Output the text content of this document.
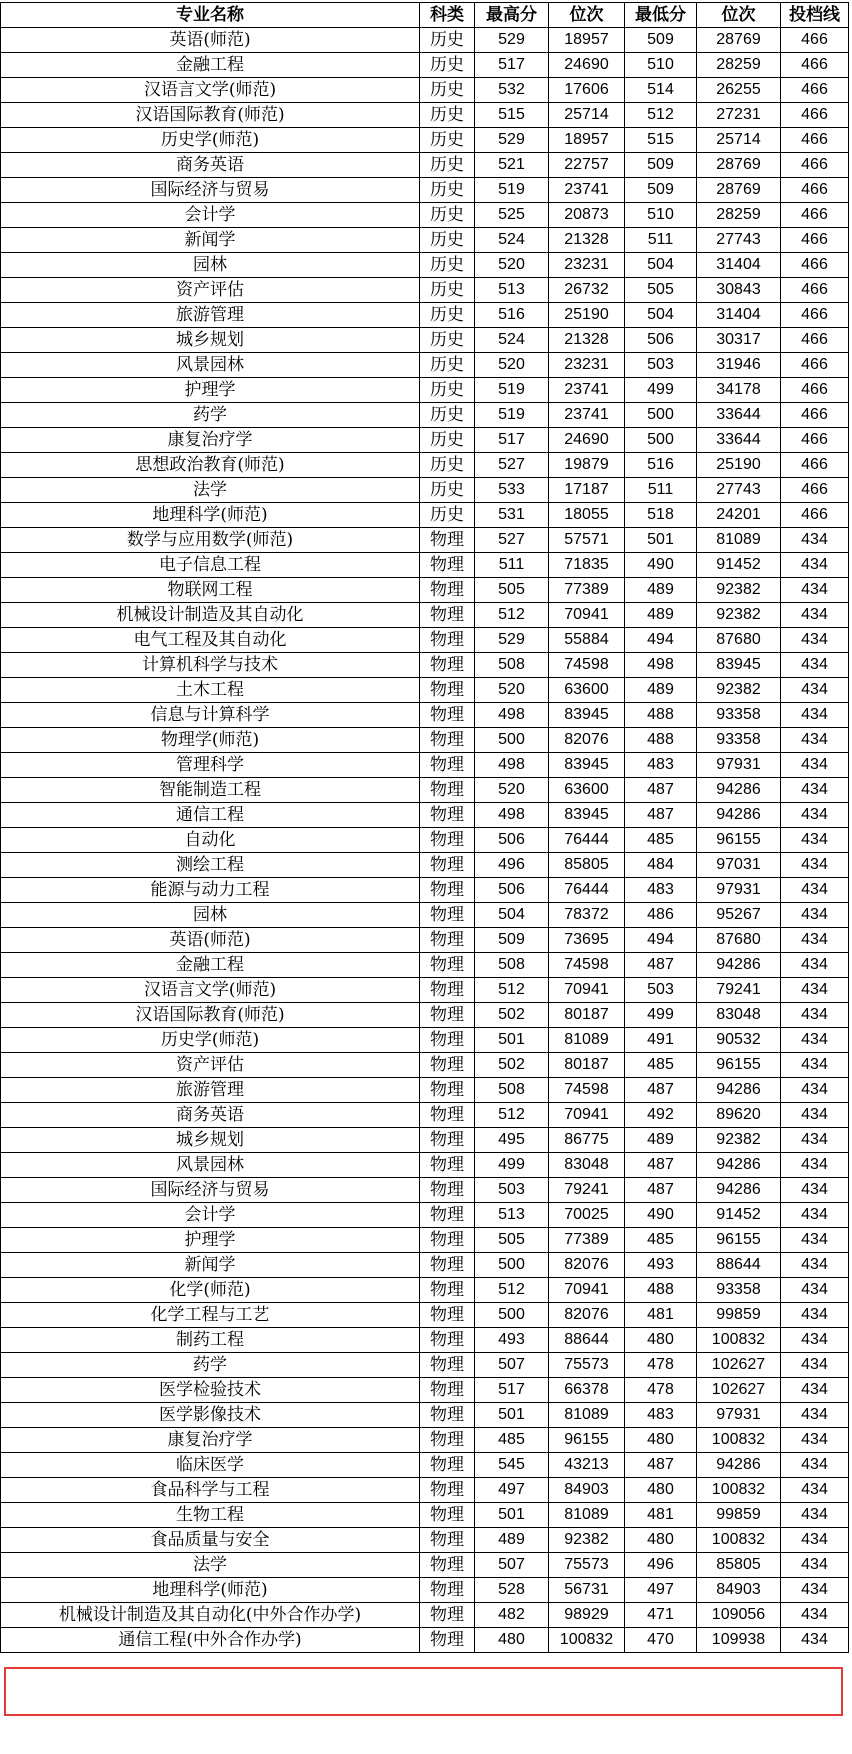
专业名称	科类	最高分	位次	最低分	位次	投档线
英语(师范)	历史	529	18957	509	28769	466
金融工程	历史	517	24690	510	28259	466
汉语言文学(师范)	历史	532	17606	514	26255	466
汉语国际教育(师范)	历史	515	25714	512	27231	466
历史学(师范)	历史	529	18957	515	25714	466
商务英语	历史	521	22757	509	28769	466
国际经济与贸易	历史	519	23741	509	28769	466
会计学	历史	525	20873	510	28259	466
新闻学	历史	524	21328	511	27743	466
园林	历史	520	23231	504	31404	466
资产评估	历史	513	26732	505	30843	466
旅游管理	历史	516	25190	504	31404	466
城乡规划	历史	524	21328	506	30317	466
风景园林	历史	520	23231	503	31946	466
护理学	历史	519	23741	499	34178	466
药学	历史	519	23741	500	33644	466
康复治疗学	历史	517	24690	500	33644	466
思想政治教育(师范)	历史	527	19879	516	25190	466
法学	历史	533	17187	511	27743	466
地理科学(师范)	历史	531	18055	518	24201	466
数学与应用数学(师范)	物理	527	57571	501	81089	434
电子信息工程	物理	511	71835	490	91452	434
物联网工程	物理	505	77389	489	92382	434
机械设计制造及其自动化	物理	512	70941	489	92382	434
电气工程及其自动化	物理	529	55884	494	87680	434
计算机科学与技术	物理	508	74598	498	83945	434
土木工程	物理	520	63600	489	92382	434
信息与计算科学	物理	498	83945	488	93358	434
物理学(师范)	物理	500	82076	488	93358	434
管理科学	物理	498	83945	483	97931	434
智能制造工程	物理	520	63600	487	94286	434
通信工程	物理	498	83945	487	94286	434
自动化	物理	506	76444	485	96155	434
测绘工程	物理	496	85805	484	97031	434
能源与动力工程	物理	506	76444	483	97931	434
园林	物理	504	78372	486	95267	434
英语(师范)	物理	509	73695	494	87680	434
金融工程	物理	508	74598	487	94286	434
汉语言文学(师范)	物理	512	70941	503	79241	434
汉语国际教育(师范)	物理	502	80187	499	83048	434
历史学(师范)	物理	501	81089	491	90532	434
资产评估	物理	502	80187	485	96155	434
旅游管理	物理	508	74598	487	94286	434
商务英语	物理	512	70941	492	89620	434
城乡规划	物理	495	86775	489	92382	434
风景园林	物理	499	83048	487	94286	434
国际经济与贸易	物理	503	79241	487	94286	434
会计学	物理	513	70025	490	91452	434
护理学	物理	505	77389	485	96155	434
新闻学	物理	500	82076	493	88644	434
化学(师范)	物理	512	70941	488	93358	434
化学工程与工艺	物理	500	82076	481	99859	434
制药工程	物理	493	88644	480	100832	434
药学	物理	507	75573	478	102627	434
医学检验技术	物理	517	66378	478	102627	434
医学影像技术	物理	501	81089	483	97931	434
康复治疗学	物理	485	96155	480	100832	434
临床医学	物理	545	43213	487	94286	434
食品科学与工程	物理	497	84903	480	100832	434
生物工程	物理	501	81089	481	99859	434
食品质量与安全	物理	489	92382	480	100832	434
法学	物理	507	75573	496	85805	434
地理科学(师范)	物理	528	56731	497	84903	434
机械设计制造及其自动化(中外合作办学)	物理	482	98929	471	109056	434
通信工程(中外合作办学)	物理	480	100832	470	109938	434
